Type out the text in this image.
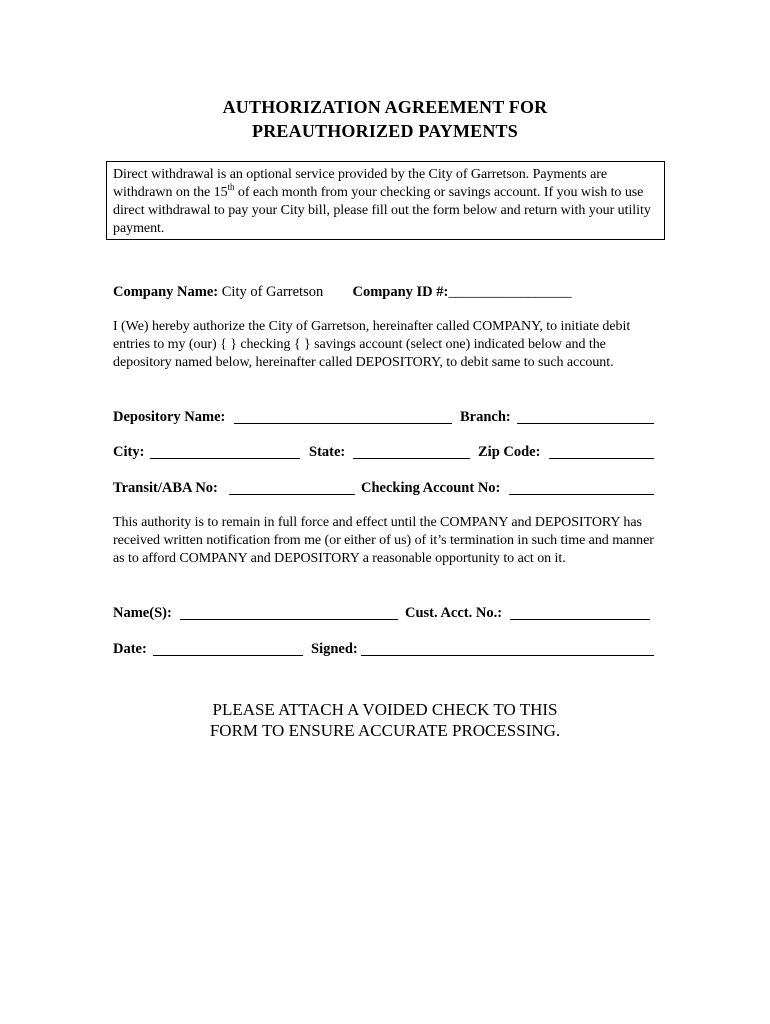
AUTHORIZATION AGREEMENT FOR
PREAUTHORIZED PAYMENTS
Direct withdrawal is an optional service provided by the City of Garretson. Payments are withdrawn on the 15th of each month from your checking or savings account. If you wish to use direct withdrawal to pay your City bill, please fill out the form below and return with your utility payment.
Company Name: City of Garretson Company ID #:_________________
I (We) hereby authorize the City of Garretson, hereinafter called COMPANY, to initiate debit entries to my (our) { } checking { } savings account (select one) indicated below and the depository named below, hereinafter called DEPOSITORY, to debit same to such account.
Depository Name:	Branch:
City:	State:	Zip Code:
Transit/ABA No:	Checking Account No:
This authority is to remain in full force and effect until the COMPANY and DEPOSITORY has received written notification from me (or either of us) of it’s termination in such time and manner as to afford COMPANY and DEPOSITORY a reasonable opportunity to act on it.
Name(S):	Cust. Acct. No.:
Date:	Signed:
PLEASE ATTACH A VOIDED CHECK TO THIS
FORM TO ENSURE ACCURATE PROCESSING.
